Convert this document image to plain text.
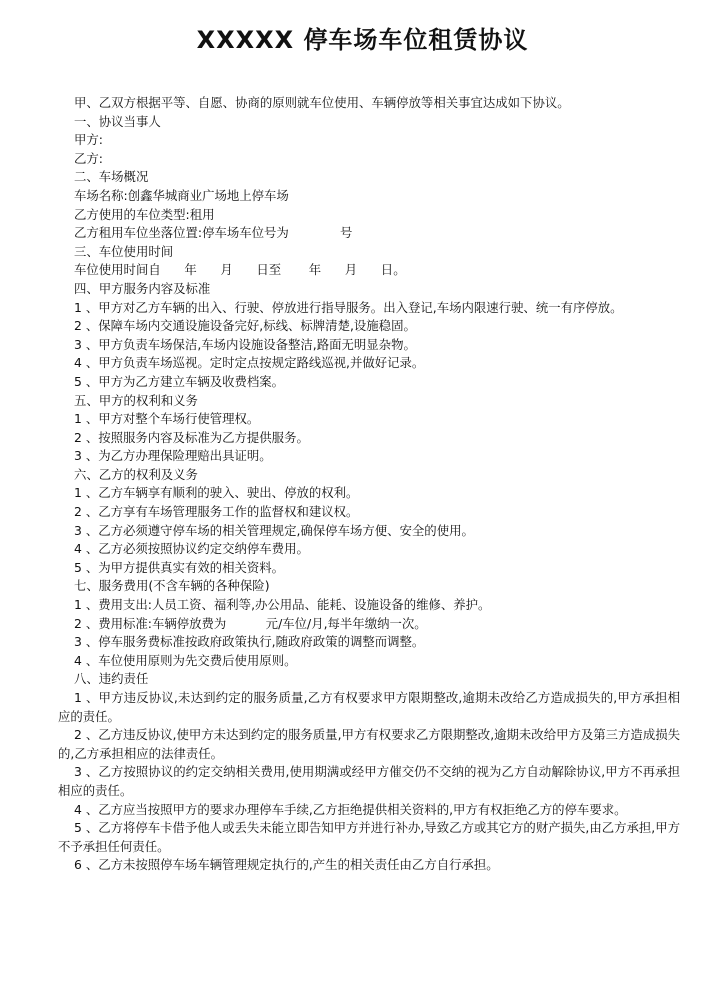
XXXXX 停车场车位租赁协议

甲、乙双方根据平等、自愿、协商的原则就车位使用、车辆停放等相关事宜达成如下协议。

一、协议当事人

甲方:

乙方:

二、车场概况

车场名称:创鑫华城商业广场地上停车场

乙方使用的车位类型:租用

乙方租用车位坐落位置:停车场车位号为             号

三、车位使用时间

车位使用时间自      年      月      日至       年      月      日。

四、甲方服务内容及标准

1 、甲方对乙方车辆的出入、行驶、停放进行指导服务。出入登记,车场内限速行驶、统一有序停放。

2 、保障车场内交通设施设备完好,标线、标牌清楚,设施稳固。

3 、甲方负责车场保洁,车场内设施设备整洁,路面无明显杂物。

4 、甲方负责车场巡视。定时定点按规定路线巡视,并做好记录。

5 、甲方为乙方建立车辆及收费档案。

五、甲方的权利和义务

1 、甲方对整个车场行使管理权。

2 、按照服务内容及标准为乙方提供服务。

3 、为乙方办理保险理赔出具证明。

六、乙方的权利及义务

1 、乙方车辆享有顺利的驶入、驶出、停放的权利。

2 、乙方享有车场管理服务工作的监督权和建议权。

3 、乙方必须遵守停车场的相关管理规定,确保停车场方便、安全的使用。

4 、乙方必须按照协议约定交纳停车费用。

5 、为甲方提供真实有效的相关资料。

七、服务费用(不含车辆的各种保险)

1 、费用支出:人员工资、福利等,办公用品、能耗、设施设备的维修、养护。

2 、费用标准:车辆停放费为          元/车位/月,每半年缴纳一次。

3 、停车服务费标准按政府政策执行,随政府政策的调整而调整。

4 、车位使用原则为先交费后使用原则。

八、违约责任

1 、甲方违反协议,未达到约定的服务质量,乙方有权要求甲方限期整改,逾期未改给乙方造成损失的,甲方承担相应的责任。

2 、乙方违反协议,使甲方未达到约定的服务质量,甲方有权要求乙方限期整改,逾期未改给甲方及第三方造成损失的,乙方承担相应的法律责任。

3 、乙方按照协议的约定交纳相关费用,使用期满或经甲方催交仍不交纳的视为乙方自动解除协议,甲方不再承担相应的责任。

4 、乙方应当按照甲方的要求办理停车手续,乙方拒绝提供相关资料的,甲方有权拒绝乙方的停车要求。

5 、乙方将停车卡借予他人或丢失未能立即告知甲方并进行补办,导致乙方或其它方的财产损失,由乙方承担,甲方不予承担任何责任。

6 、乙方未按照停车场车辆管理规定执行的,产生的相关责任由乙方自行承担。
